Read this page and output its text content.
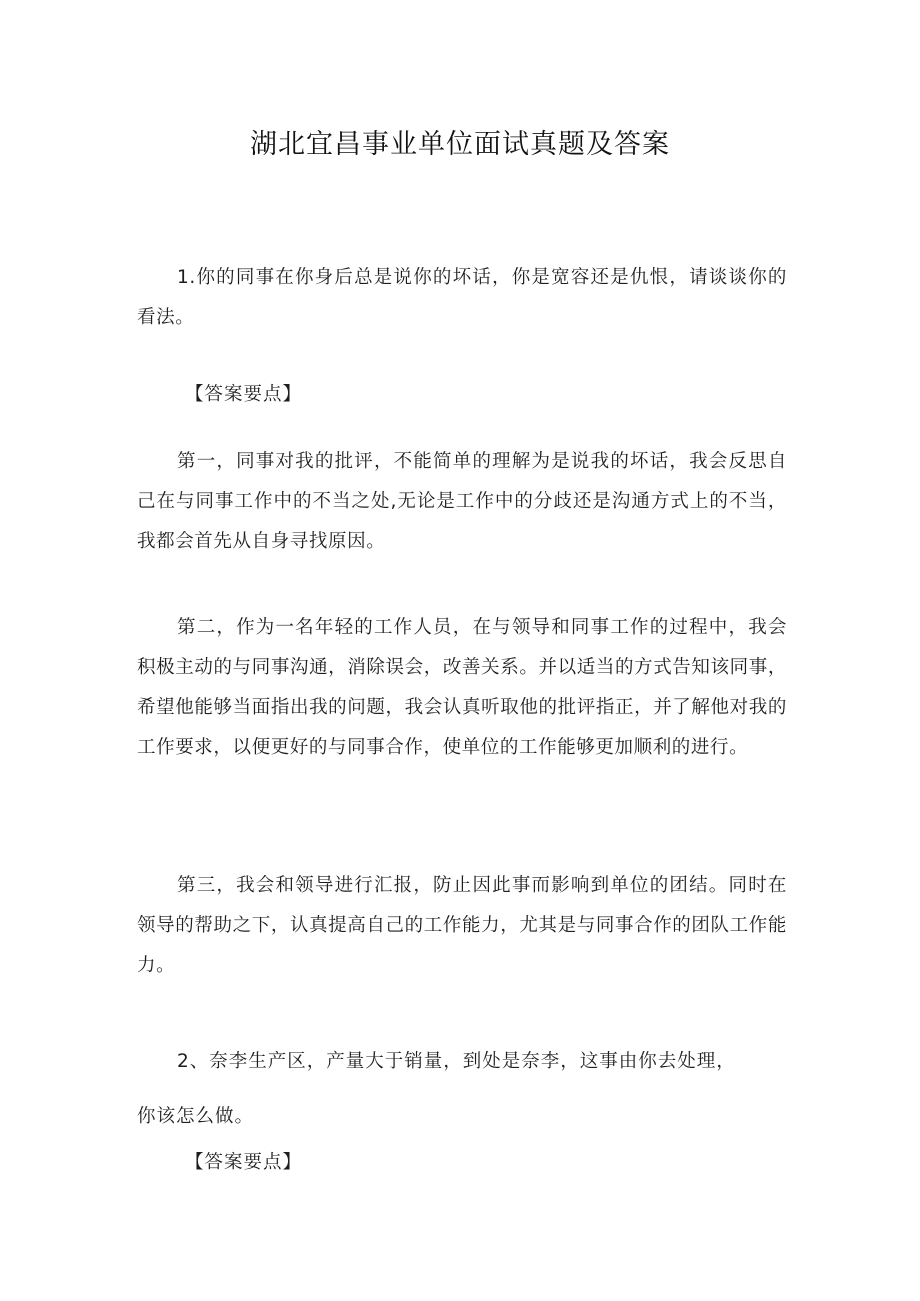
湖北宜昌事业单位面试真题及答案

1.你的同事在你身后总是说你的坏话，你是宽容还是仇恨，请谈谈你的看法。

【答案要点】

第一，同事对我的批评，不能简单的理解为是说我的坏话，我会反思自己在与同事工作中的不当之处,无论是工作中的分歧还是沟通方式上的不当，我都会首先从自身寻找原因。

第二，作为一名年轻的工作人员，在与领导和同事工作的过程中，我会积极主动的与同事沟通，消除误会，改善关系。并以适当的方式告知该同事，希望他能够当面指出我的问题，我会认真听取他的批评指正，并了解他对我的工作要求，以便更好的与同事合作，使单位的工作能够更加顺利的进行。

第三，我会和领导进行汇报，防止因此事而影响到单位的团结。同时在领导的帮助之下，认真提高自己的工作能力，尤其是与同事合作的团队工作能力。

2、奈李生产区，产量大于销量，到处是奈李，这事由你去处理，

你该怎么做。

【答案要点】
